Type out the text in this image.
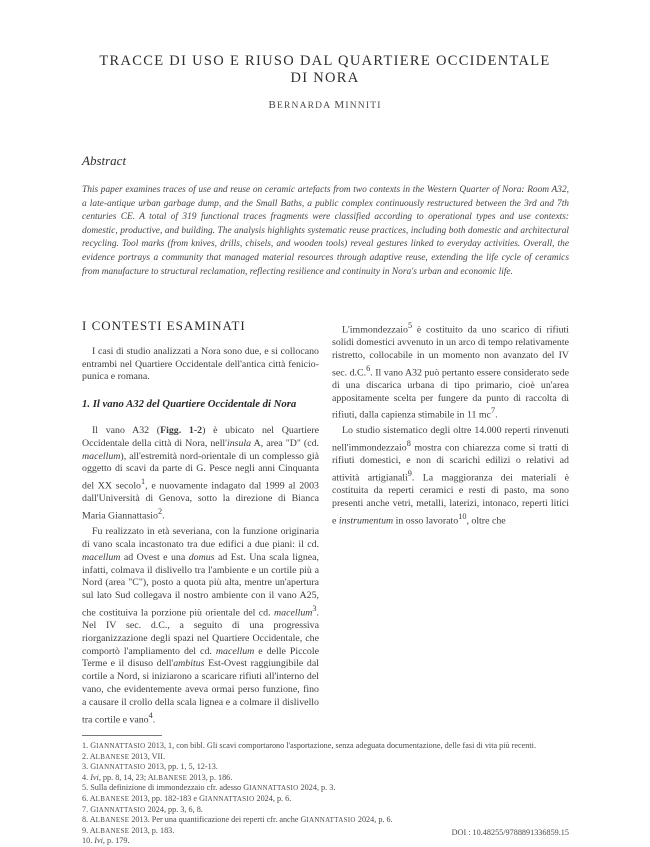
TRACCE DI USO E RIUSO DAL QUARTIERE OCCIDENTALE
DI NORA
BERNARDA MINNITI
Abstract

This paper examines traces of use and reuse on ceramic artefacts from two contexts in the Western Quarter of Nora: Room A32, a late-antique urban garbage dump, and the Small Baths, a public complex continuously restructured between the 3rd and 7th centuries CE. A total of 319 functional traces fragments were classified according to operational types and use contexts: domestic, productive, and building. The analysis highlights systematic reuse practices, including both domestic and architectural recycling. Tool marks (from knives, drills, chisels, and wooden tools) reveal gestures linked to everyday activities. Overall, the evidence portrays a community that managed material resources through adaptive reuse, extending the life cycle of ceramics from manufacture to structural reclamation, reflecting resilience and continuity in Nora's urban and economic life.

I CONTESTI ESAMINATI

I casi di studio analizzati a Nora sono due, e si collocano entrambi nel Quartiere Occidentale dell'antica città fenicio-punica e romana.

1. Il vano A32 del Quartiere Occidentale di Nora

Il vano A32 (Figg. 1-2) è ubicato nel Quartiere Occidentale della città di Nora, nell'insula A, area "D" (cd. macellum), all'estremità nord-orientale di un complesso già oggetto di scavi da parte di G. Pesce negli anni Cinquanta del XX secolo$^1$, e nuovamente indagato dal 1999 al 2003 dall'Università di Genova, sotto la direzione di Bianca Maria Giannattasio$^2$.

Fu realizzato in età severiana, con la funzione originaria di vano scala incastonato tra due edifici a due piani: il cd. macellum ad Ovest e una domus ad Est. Una scala lignea, infatti, colmava il dislivello tra l'ambiente e un cortile più a Nord (area "C"), posto a quota più alta, mentre un'apertura sul lato Sud collegava il nostro ambiente con il vano A25, che costituiva la porzione più orientale del cd. macellum$^3$. Nel IV sec. d.C., a seguito di una progressiva riorganizzazione degli spazi nel Quartiere Occidentale, che comportò l'ampliamento del cd. macellum e delle Piccole Terme e il disuso dell'ambitus Est-Ovest raggiungibile dal cortile a Nord, si iniziarono a scaricare rifiuti all'interno del vano, che evidentemente aveva ormai perso funzione, fino a causare il crollo della scala lignea e a colmare il dislivello tra cortile e vano$^4$.

1. GIANNATTASIO 2013, 1, con bibl. Gli scavi comportarono l'asportazione, senza adeguata documentazione, delle fasi di vita più recenti.

2. ALBANESE 2013, VII.

3. GIANNATTASIO 2013, pp. 1, 5, 12-13.

4. Ivi, pp. 8, 14, 23; ALBANESE 2013, p. 186.

5. Sulla definizione di immondezzaio cfr. adesso GIANNATTASIO 2024, p. 3.

6. ALBANESE 2013, pp. 182-183 e GIANNATTASIO 2024, p. 6.

7. GIANNATTASIO 2024, pp. 3, 6, 8.

8. ALBANESE 2013. Per una quantificazione dei reperti cfr. anche GIANNATTASIO 2024, p. 6.

9. ALBANESE 2013, p. 183.

10. Ivi, p. 179.

DOI : 10.48255/9788891336859.15

L'immondezzaio$^5$ è costituito da uno scarico di rifiuti solidi domestici avvenuto in un arco di tempo relativamente ristretto, collocabile in un momento non avanzato del IV sec. d.C.$^6$. Il vano A32 può pertanto essere considerato sede di una discarica urbana di tipo primario, cioè un'area appositamente scelta per fungere da punto di raccolta di rifiuti, dalla capienza stimabile in 11 $mc^7$.

Lo studio sistematico degli oltre 14.000 reperti rinvenuti nell'immondezzaio$^8$ mostra con chiarezza come si tratti di rifiuti domestici, e non di scarichi edilizi o relativi ad attività artigianali$^9$. La maggioranza dei materiali è costituita da reperti ceramici e resti di pasto, ma sono presenti anche vetri, metalli, laterizi, intonaco, reperti litici e instrumentum in osso lavorato$^{10}$, oltre che
